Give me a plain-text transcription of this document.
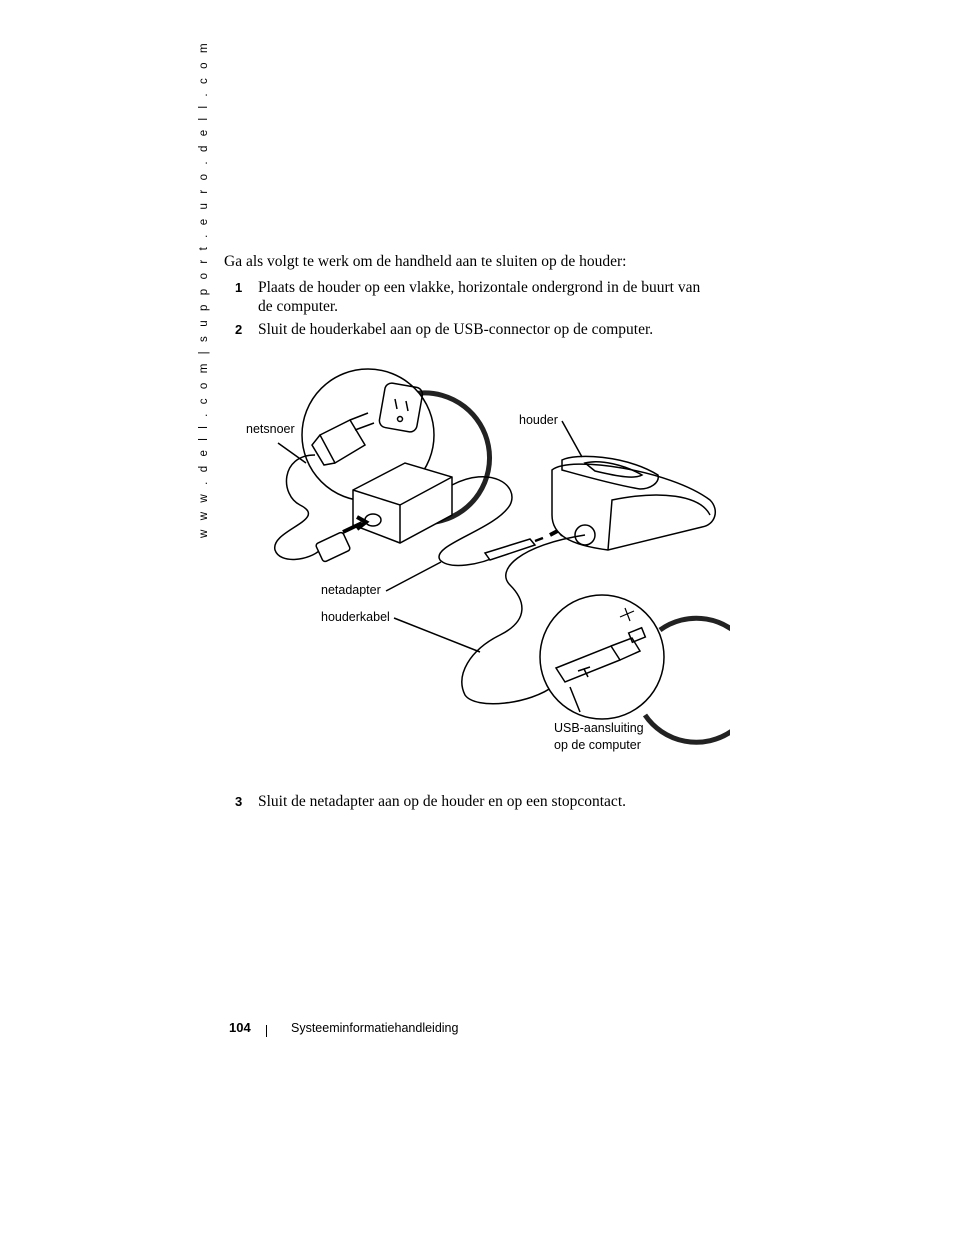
w w w . d e l l . c o m | s u p p o r t . e u r o . d e l l . c o m Ga als volgt te werk om de handheld aan te sluiten op de houder:
1 Plaats de houder op een vlakke, horizontale ondergrond in de buurt van de computer.
2 Sluit de houderkabel aan op de USB-connector op de computer.
netsnoer
houder
netadapter
houderkabel
USB-aansluiting
op de computer
3 Sluit de netadapter aan op de houder en op een stopcontact.
104	Systeeminformatiehandleiding
